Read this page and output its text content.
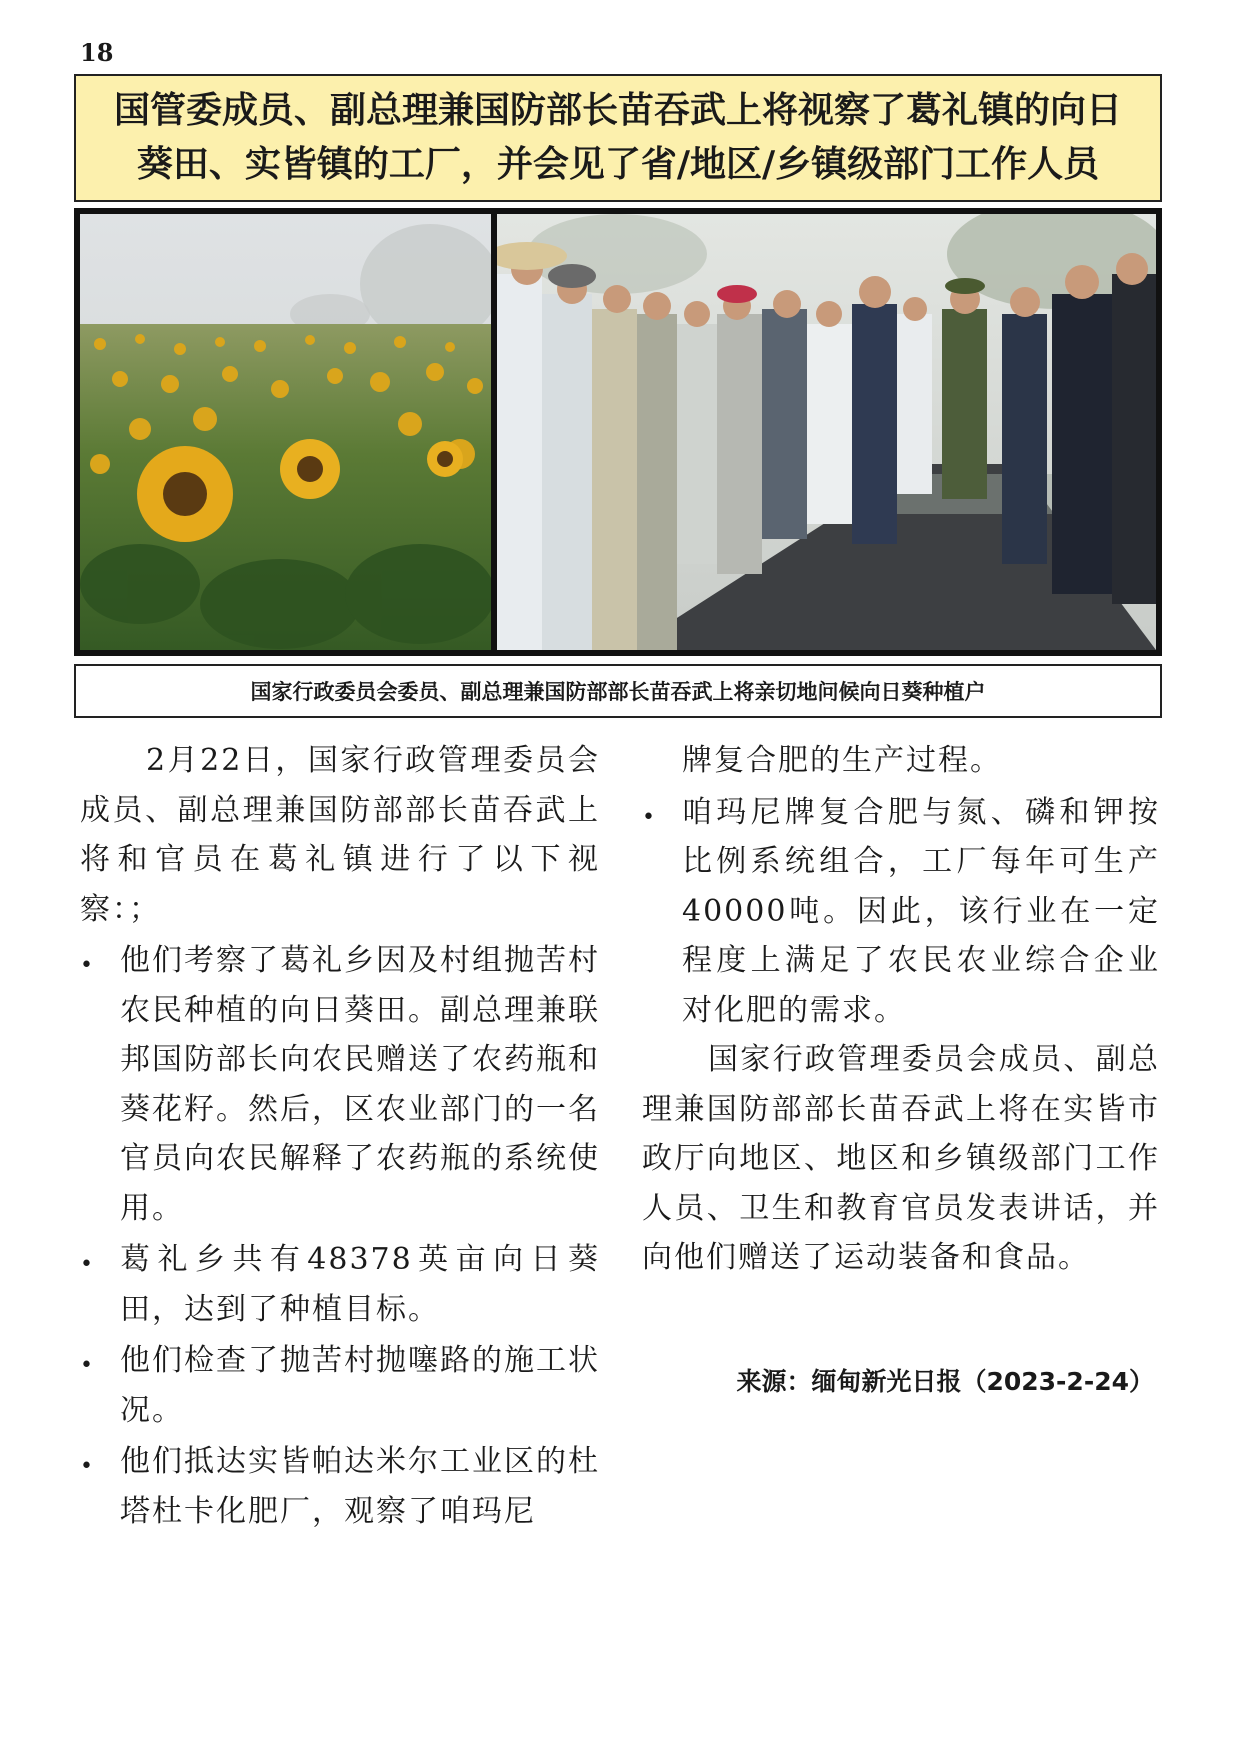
18
国管委成员、副总理兼国防部长苗吞武上将视察了葛礼镇的向日
葵田、实皆镇的工厂，并会见了省/地区/乡镇级部门工作人员
国家行政委员会委员、副总理兼国防部部长苗吞武上将亲切地问候向日葵种植户

2月22日，国家行政管理委员会成员、副总理兼国防部部长苗吞武上将和官员在葛礼镇进行了以下视察：；

• 他们考察了葛礼乡因及村组抛苦村农民种植的向日葵田。副总理兼联邦国防部长向农民赠送了农药瓶和葵花籽。然后，区农业部门的一名官员向农民解释了农药瓶的系统使用。
• 葛礼乡共有48378英亩向日葵田，达到了种植目标。
• 他们检查了抛苦村抛噻路的施工状况。
• 他们抵达实皆帕达米尔工业区的杜塔杜卡化肥厂，观察了咱玛尼

牌复合肥的生产过程。

• 咱玛尼牌复合肥与氮、磷和钾按比例系统组合，工厂每年可生产40000吨。因此，该行业在一定程度上满足了农民农业综合企业对化肥的需求。

国家行政管理委员会成员、副总理兼国防部部长苗吞武上将在实皆市政厅向地区、地区和乡镇级部门工作人员、卫生和教育官员发表讲话，并向他们赠送了运动装备和食品。

来源：缅甸新光日报（2023-2-24）
